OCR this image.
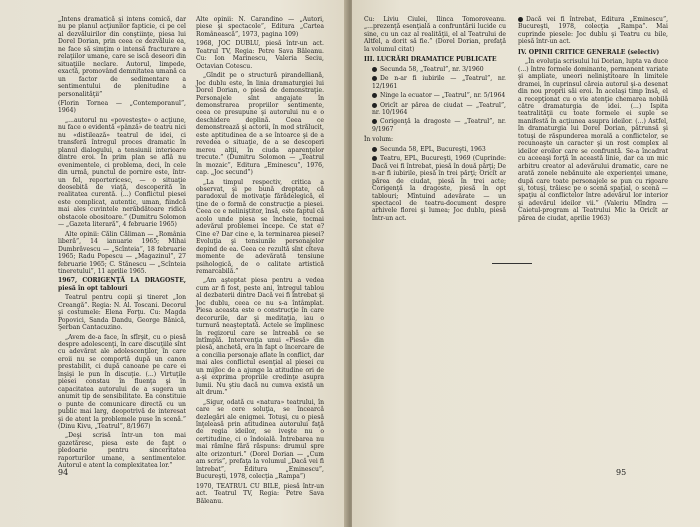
„Intens dramatică şi intens comică, dar nu pe planul acţiunilor fapticie, ci pe cel al dezvăluirilor din conştiinţe, piesa lui Dorel Dorian, prin ceea ce dezvăluie ea, ne face să simţim o intensă fracturare a relaţiilor umane, care se iscă deseori din situaţiile neclare. Autorul, limpede, exactă, promovând demnitatea umană ca un factor de sedimentare a sentimentului de plenitudine a personalităţii”

(Florin Tornea — „Contemporanul”, 1964)

„...autorul nu «povesteşte» o acţiune, nu face o evidentă «pânză» de teatru nici nu «distilează» teatrul de idei, ci transferă întregul proces dramatic în planul dialogului, a tensiunii interioare dintre eroi. În prim plan se află nu evenimentele, ci problema, deci, în cele din urmă, punctul de pornire este, într-un fel, reportericesc, — o situaţie deosebită de viaţă, descoperită în realitatea curentă. (...) Conflictul piesei este complicat, autentic, uman, fiindcă mai ales cuvintele nerăbdătoare ridică obstacole obositoare.” (Dumitru Solomon — „Gazeta literară”, 4 februarie 1965)

Alte opinii: Călin Căliman — „România liberă”, 14 ianuarie 1965; Mihai Dumbrăvescu — „Scînteia”, 18 februarie 1965; Radu Popescu — „Magazinul”, 27 februarie 1965; C. Stănescu — „Scînteia tineretului”, 11 aprilie 1965.

1967, CORIGENŢĂ LA DRAGOSTE, piesă în opt tablouri

Teatrul pentru copii şi tineret „Ion Creangă”. Regia: N. Al. Toscani. Decorul şi costumele: Elena Forţu. Cu: Magda Popovici, Sanda Dandu, George Bănică, Şerban Cantacuzino.

„Avem de-a face, în sfîrşit, cu o piesă despre adolescenţi, în care discuţiile sînt cu adevărat ale adolescenţilor, în care eroii nu se comportă după un canon prestabilit, ci după canoane pe care ei înşişi le pun în discuţie. (...) Virtuţile piesei constau în fluenţa şi în capacitatea autorului de a sugera un anumit tip de sensibilitate. Ea constituie o punte de comunicare directă cu un public mai larg, deopotrivă de interesat şi de atent la problemele puse în scenă.” (Dinu Kivu, „Teatrul”, 8/1967)

„Deşi scrisă într-un ton mai gazetăresc, piesa este de fapt o pledoarie pentru sinceritatea raporturilor umane, a sentimentelor. Autorul e atent la complexitatea lor.”

Alte opinii: N. Carandino — „Autori, piese şi spectacole”, Editura „Cartea Românească”, 1973, pagina 109)

1968, JOC DUBLU, piesă într-un act. Teatrul TV, Regia: Petre Sava Băleanu. Cu: Ion Marinescu, Valeria Seciu, Octavian Cotescu.

„Gîndit pe o structură pirandelliană, Joc dublu este, în linia dramaturgiei lui Dorel Dorian, o piesă de demonstraţie. Personajele sînt angajate în demonstrarea propriilor sentimente, ceea ce presupune şi autorului nu e o deschidere deplină. Ceea ce demonstrează şi actorii, în mod strălucit, este aptitudinea de a se întoarce şi de a revedea o situaţie, de a se descoperi mereu alţii, în ciuda aparenţelor trecute.” (Dumitru Solomon — „Teatrul în mozaic”, Editura „Eminescu”, 1976, cap. „Joc secund”)

„La timpul respectiv, critica a observat, şi pe bună dreptate, că paradoxul de motivaţie fărădelegică, el ţine de o formă de construcţie a piesei. Ceea ce e neliniştitor, însă, este faptul că acolo unde piesa se încheie, tocmai adevărul problemei începe. Ce stat e? Cine e? Dar cine e, la terminarea piesei? Evoluţia şi tensiunile personajelor depind de ea. Ceea ce rezultă sînt cîteva momente de adevărată tensiune psihologică, de o calitate artistică remarcabilă.”

„Am aşteptat piesa pentru a vedea cum ar fi fost, peste ani, întregul tablou al dezbaterii dintre Dacă vei fi întrebat şi Joc dublu, ceea ce nu s-a întâmplat. Piesa aceasta este o construcţie în care decorurile, dar şi meditaţia, iau o turnură neaşteptată. Actele se împlinesc în regizorul care se întreabă ce se întîmplă. Intervenţia unui «Piesă» din piesă, anchetă, era în fapt o încercare de a concilia personaje aflate în conflict, dar mai ales conflictul esenţial al piesei cu un mijloc de a ajunge la atitudine ori de a-şi exprima propriile credinţe asupra lumii. Nu ştiu dacă nu cumva există un alt drum.”

„Sigur, odată cu «natura» teatrului, în care se cere soluţia, se încearcă dezlegări ale enigmei. Totuşi, cu o piesă înţeleasă prin atitudinea autorului faţă de regia ideilor, se iveşte nu o certitudine, ci o îndoială. Întrebarea nu mai rămîne fără răspuns: drumul spre alte orizonturi.” (Dorel Dorian — „Cum am scris”, prefaţa la volumul „Dacă vei fi întrebat”, Editura „Eminescu”, Bucureşti, 1978, colecţia „Rampa”)

1970, TEATRUL CU BILE, piesă într-un act. Teatrul TV, Regia: Petre Sava Băleanu.

94

Cu: Liviu Ciulei, Ilinca Tomoroveanu. „...prezenţă esenţială a confruntării lucide cu sine, cu un caz al realităţii, el al Teatrului de Altfel, a dorit să fie.” (Dorel Dorian, prefaţă la volumul citat)

III. LUCRĂRI DRAMATICE PUBLICATE

Secunda 58, „Teatrul”, nr. 3/1960

De n-ar fi iubirile — „Teatrul”, nr. 12/1961

Ninge la ecuator — „Teatrul”, nr. 5/1964

Oricît ar părea de ciudat — „Teatrul”, nr. 10/1964

Corigenţă la dragoste — „Teatrul”, nr. 9/1967

În volum:

Secunda 58, EPL, Bucureşti, 1963

Teatru, EPL, Bucureşti, 1969 (Cuprinde: Dacă vei fi întrebat, piesă în două părţi; De n-ar fi iubirile, piesă în trei părţi; Oricît ar părea de ciudat, piesă în trei acte; Corigenţă la dragoste, piesă în opt tablouri; Mîntuind adevărate — un spectacol de teatru-document despre arhivele florei şi lumea; Joc dublu, piesă într-un act.

Dacă vei fi întrebat, Editura „Eminescu”, Bucureşti, 1978, colecţia „Rampa”. Mai cuprinde piesele: Joc dublu şi Teatru cu bile, piesă într-un act.

IV. OPINII CRITICE GENERALE (selectiv)

„În evoluţia scrisului lui Dorian, lupta va duce (...) între formele dominante, permanent variate şi ampliate, uneori neliniştitoare în limitele dramei, în cuprinsul căreia autorul şi-a desenat din nou proprii săi eroi. În acelaşi timp însă, el a recepţionat cu o vie atenţie chemarea nobilă către dramaturgia de idei. (...) Ispita teatralităţii cu toate formele ei suple se manifestă în acţiunea asupra ideilor. (...) Astfel, în dramaturgia lui Dorel Dorian, pătrunsă şi totuşi de răspunderea morală a conflictelor, se recunoaşte un caracter şi un rost complex al ideilor eroilor care se confruntă. Se-a încadrat cu aceeaşi forţă în această linie, dar ca un mic arbitru creator al adevărului dramatic, care ne arată zonele nebănuite ale experienţei umane, după care toate personajele se pun cu rigoare şi, totuşi, trăiesc pe o scenă spaţial, o scenă — spaţiu al conflictelor între adevărul lor interior şi adevărul ideilor vii.” (Valeriu Mîndra — Caietul-program al Teatrului Mic la Oricît ar părea de ciudat, aprilie 1963)

95
